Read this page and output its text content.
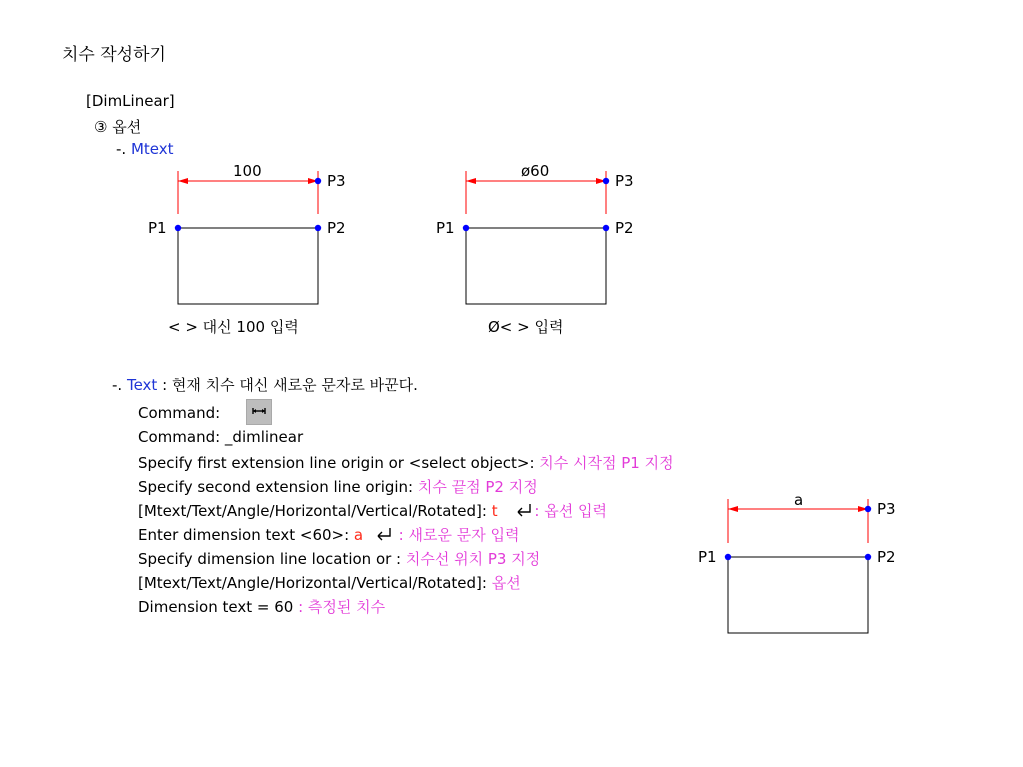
치수 작성하기
[DimLinear]
③ 옵션
-. Mtext
100
P1	P2
P3
< > 대신 100 입력
ø60
P1	P2
P3
Ø< > 입력
a
P1	P2
P3
-. Text : 현재 치수 대신 새로운 문자로 바꾼다.
Command:
Command: _dimlinear
Specify first extension line origin or <select object>: 치수 시작점 P1 지정
Specify second extension line origin: 치수 끝점 P2 지정
[Mtext/Text/Angle/Horizontal/Vertical/Rotated]: t : 옵션 입력
Enter dimension text <60>: a  : 새로운 문자 입력
Specify dimension line location or : 치수선 위치 P3 지정
[Mtext/Text/Angle/Horizontal/Vertical/Rotated]: 옵션
Dimension text = 60 : 측정된 치수
